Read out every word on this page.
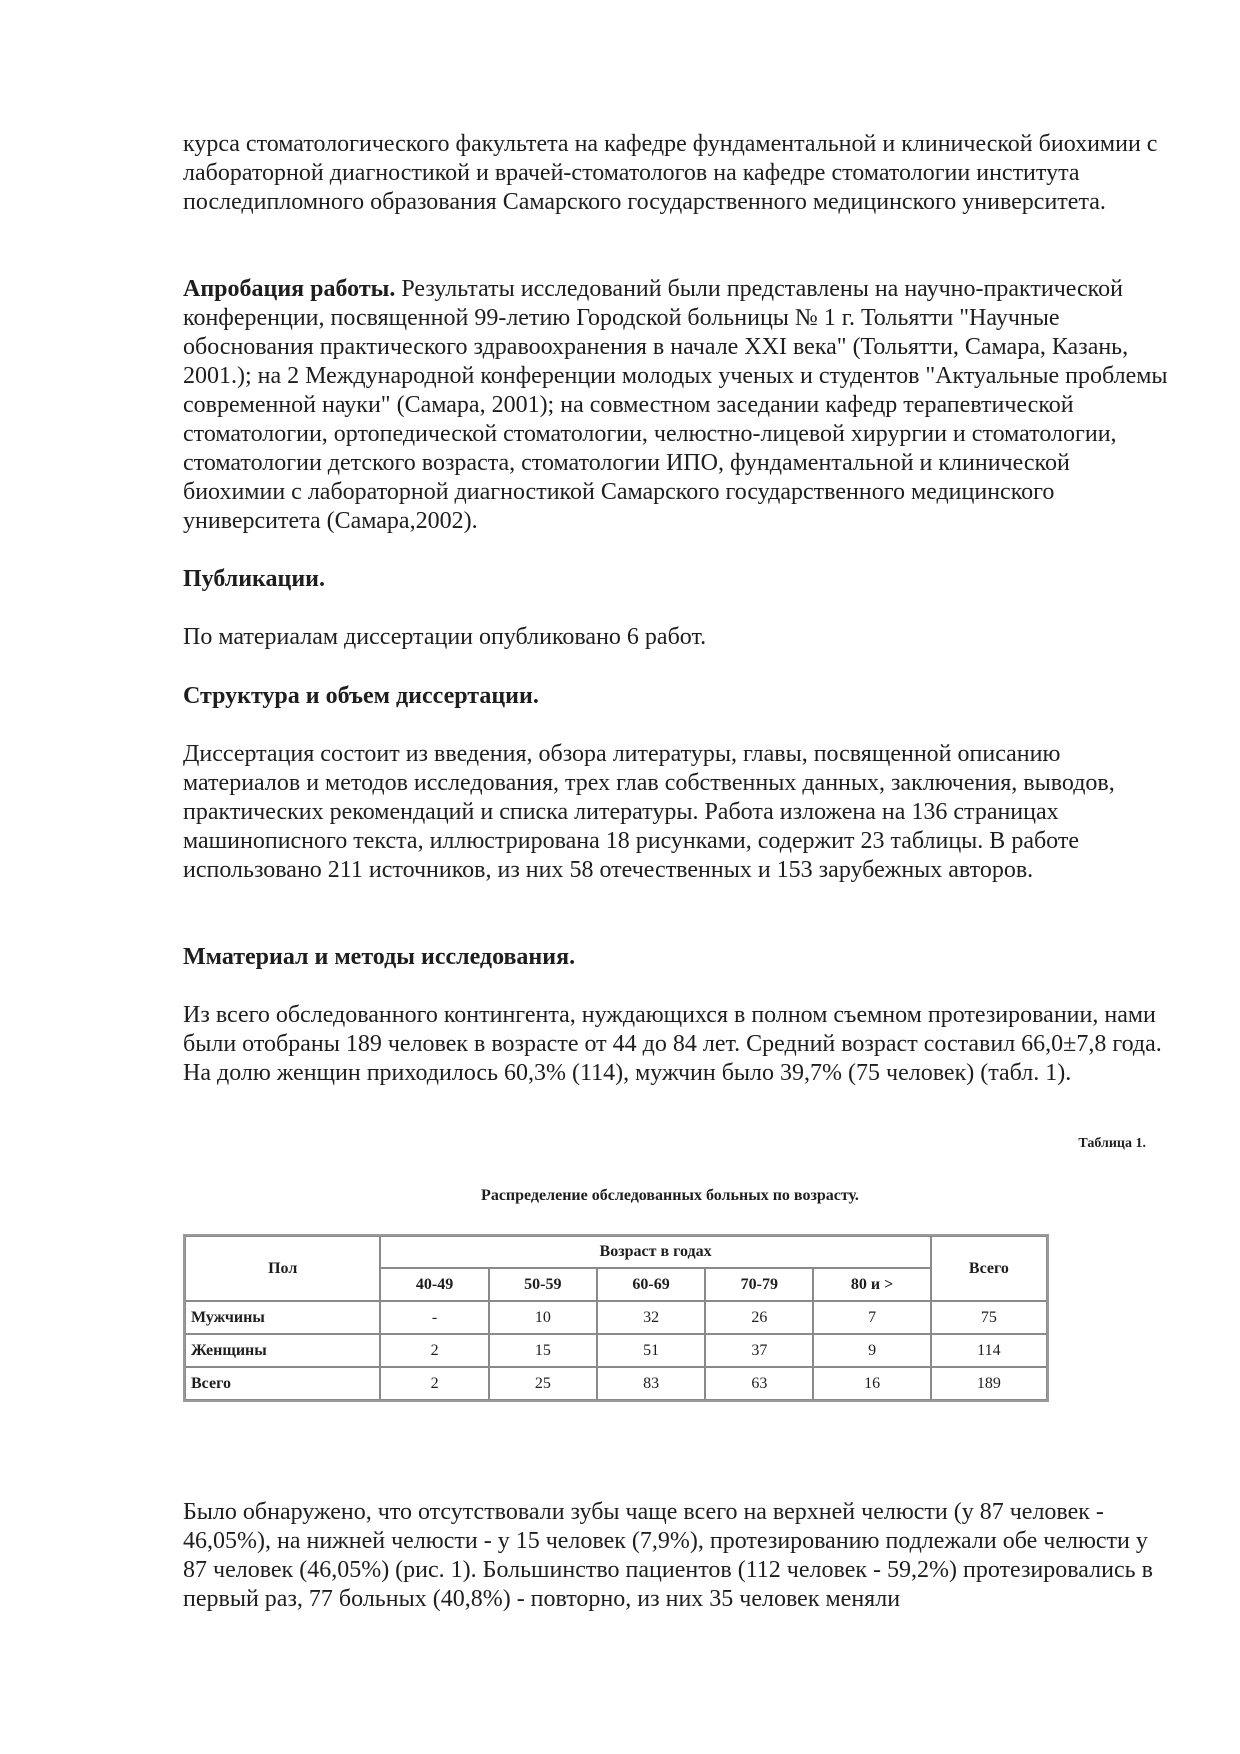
курса стоматологического факультета на кафедре фундаментальной и клинической биохимии с лабораторной диагностикой и врачей-стоматологов на кафедре стоматологии института последипломного образования Самарского государственного медицинского университета.

Апробация работы. Результаты исследований были представлены на научно-практической конференции, посвященной 99-летию Городской больницы № 1 г. Тольятти "Научные обоснования практического здравоохранения в начале XXI века" (Тольятти, Самара, Казань, 2001.); на 2 Международной конференции молодых ученых и студентов "Актуальные проблемы современной науки" (Самара, 2001); на совместном заседании кафедр терапевтической стоматологии, ортопедической стоматологии, челюстно-лицевой хирургии и стоматологии, стоматологии детского возраста, стоматологии ИПО, фундаментальной и клинической биохимии с лабораторной диагностикой Самарского государственного медицинского университета (Самара,2002).

Публикации.

По материалам диссертации опубликовано 6 работ.

Структура и объем диссертации.

Диссертация состоит из введения, обзора литературы, главы, посвященной описанию материалов и методов исследования, трех глав собственных данных, заключения, выводов, практических рекомендаций и списка литературы. Работа изложена на 136 страницах машинописного текста, иллюстрирована 18 рисунками, содержит 23 таблицы. В работе использовано 211 источников, из них 58 отечественных и 153 зарубежных авторов.

Мматериал и методы исследования.

Из всего обследованного контингента, нуждающихся в полном съемном протезировании, нами были отобраны 189 человек в возрасте от 44 до 84 лет. Средний возраст составил 66,0±7,8 года. На долю женщин приходилось 60,3% (114), мужчин было 39,7% (75 человек) (табл. 1).

Таблица 1.
Распределение обследованных больных по возрасту.
Пол	Возраст в годах					Всего
	40-49	50-59	60-69	70-79	80 и >	
Мужчины	-	10	32	26	7	75
Женщины	2	15	51	37	9	114
Всего	2	25	83	63	16	189

Было обнаружено, что отсутствовали зубы чаще всего на верхней челюсти (у 87 человек - 46,05%), на нижней челюсти - у 15 человек (7,9%), протезированию подлежали обе челюсти у 87 человек (46,05%) (рис. 1). Большинство пациентов (112 человек - 59,2%) протезировались в первый раз, 77 больных (40,8%) - повторно, из них 35 человек меняли
